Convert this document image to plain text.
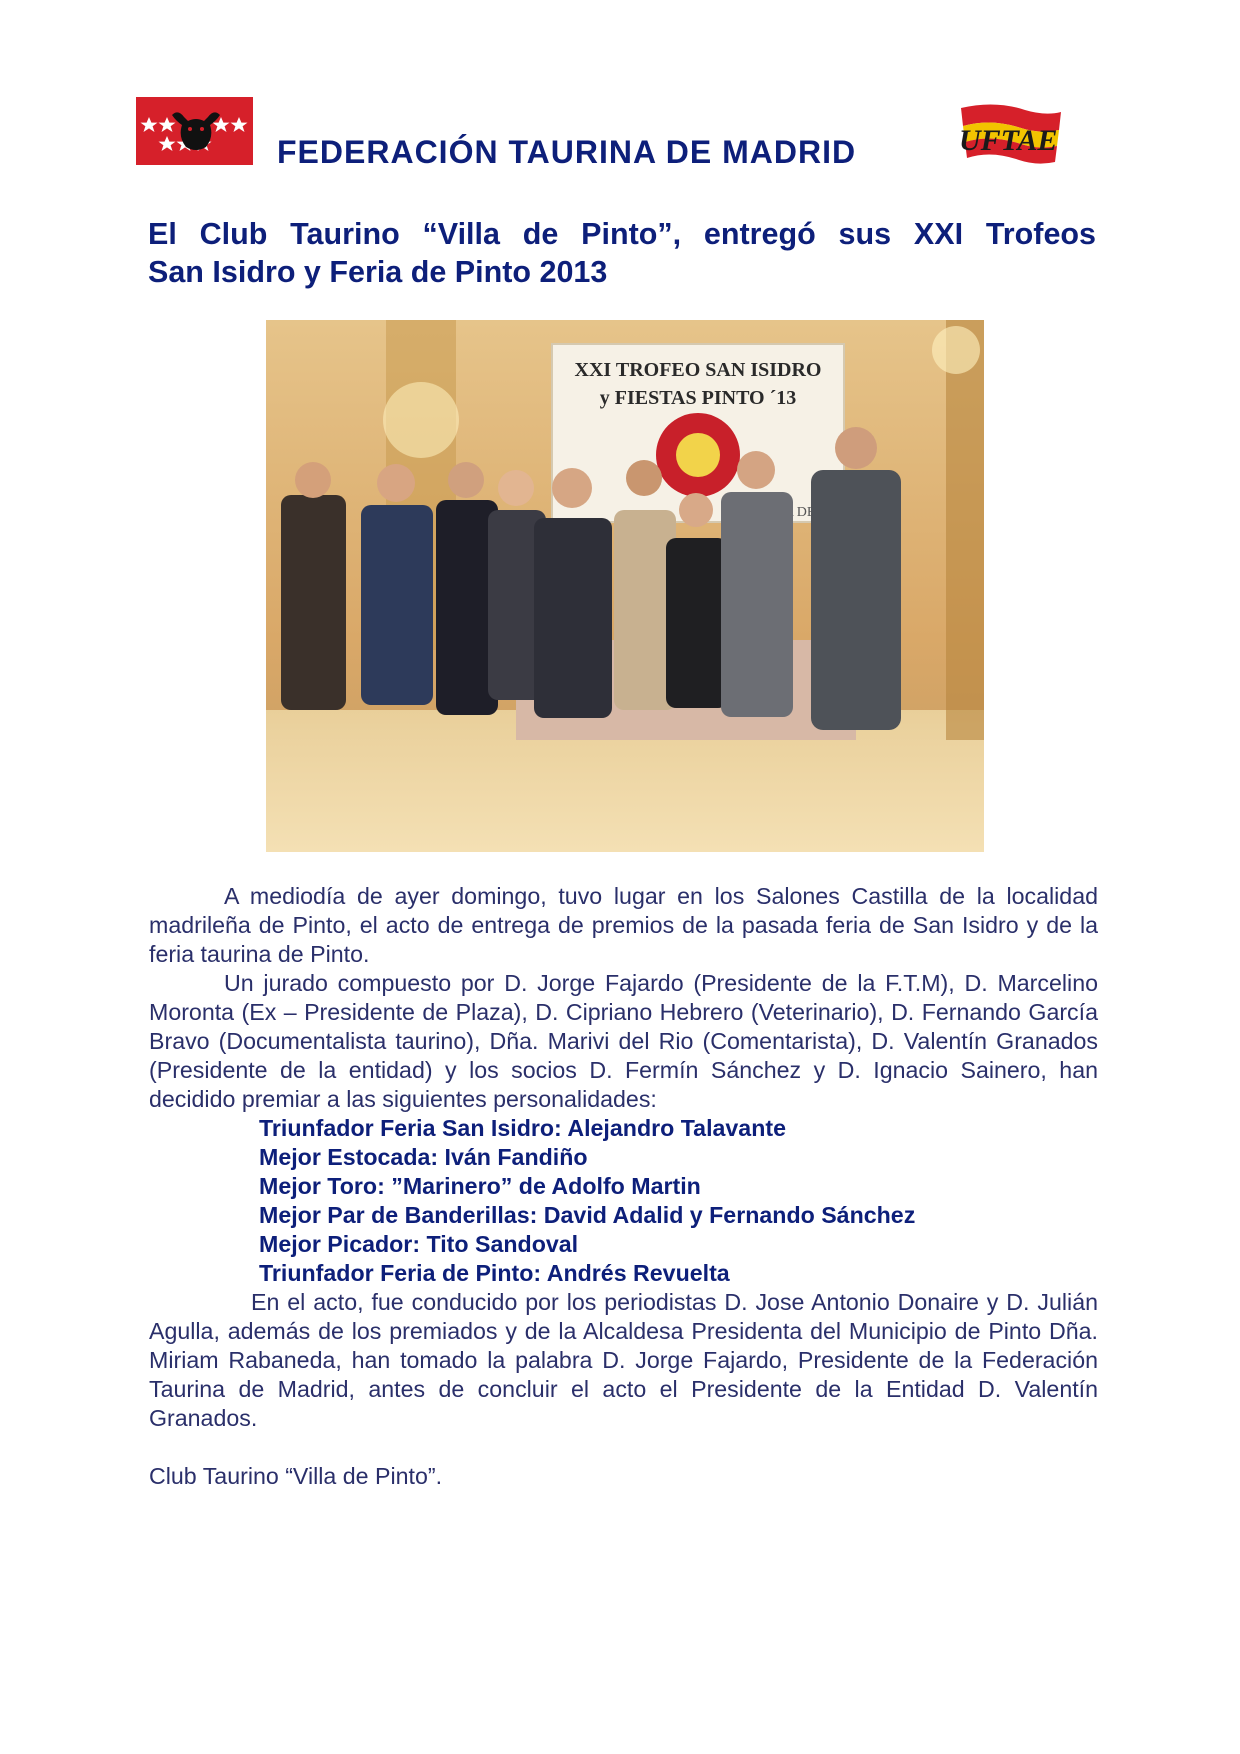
UFTAE
FEDERACIÓN TAURINA DE MADRID
El Club Taurino “Villa de Pinto”, entregó sus XXI Trofeos
San Isidro y Feria de Pinto 2013
XXI TROFEO SAN ISIDRO
y FIESTAS PINTO ´13
DE

A mediodía de ayer domingo, tuvo lugar en los Salones Castilla de la localidad madrileña de Pinto, el acto de entrega de premios de la pasada feria de San Isidro y de la feria taurina de Pinto.

Un jurado compuesto por D. Jorge Fajardo (Presidente de la F.T.M), D. Marcelino Moronta (Ex – Presidente de Plaza), D. Cipriano Hebrero (Veterinario), D. Fernando García Bravo (Documentalista taurino), Dña. Marivi del Rio (Comentarista), D. Valentín Granados (Presidente de la entidad) y los socios D. Fermín Sánchez y D. Ignacio Sainero, han decidido premiar a las siguientes personalidades:

Triunfador Feria San Isidro: Alejandro Talavante
Mejor Estocada: Iván Fandiño
Mejor Toro: ”Marinero” de Adolfo Martin
Mejor Par de Banderillas: David Adalid y Fernando Sánchez
Mejor Picador: Tito Sandoval
Triunfador Feria de Pinto: Andrés Revuelta

En el acto, fue conducido por los periodistas D. Jose Antonio Donaire y D. Julián Agulla, además de los premiados y de la Alcaldesa Presidenta del Municipio de Pinto Dña. Miriam Rabaneda, han tomado la palabra D. Jorge Fajardo, Presidente de la Federación Taurina de Madrid, antes de concluir el acto el Presidente de la Entidad D. Valentín Granados.

Club Taurino “Villa de Pinto”.
